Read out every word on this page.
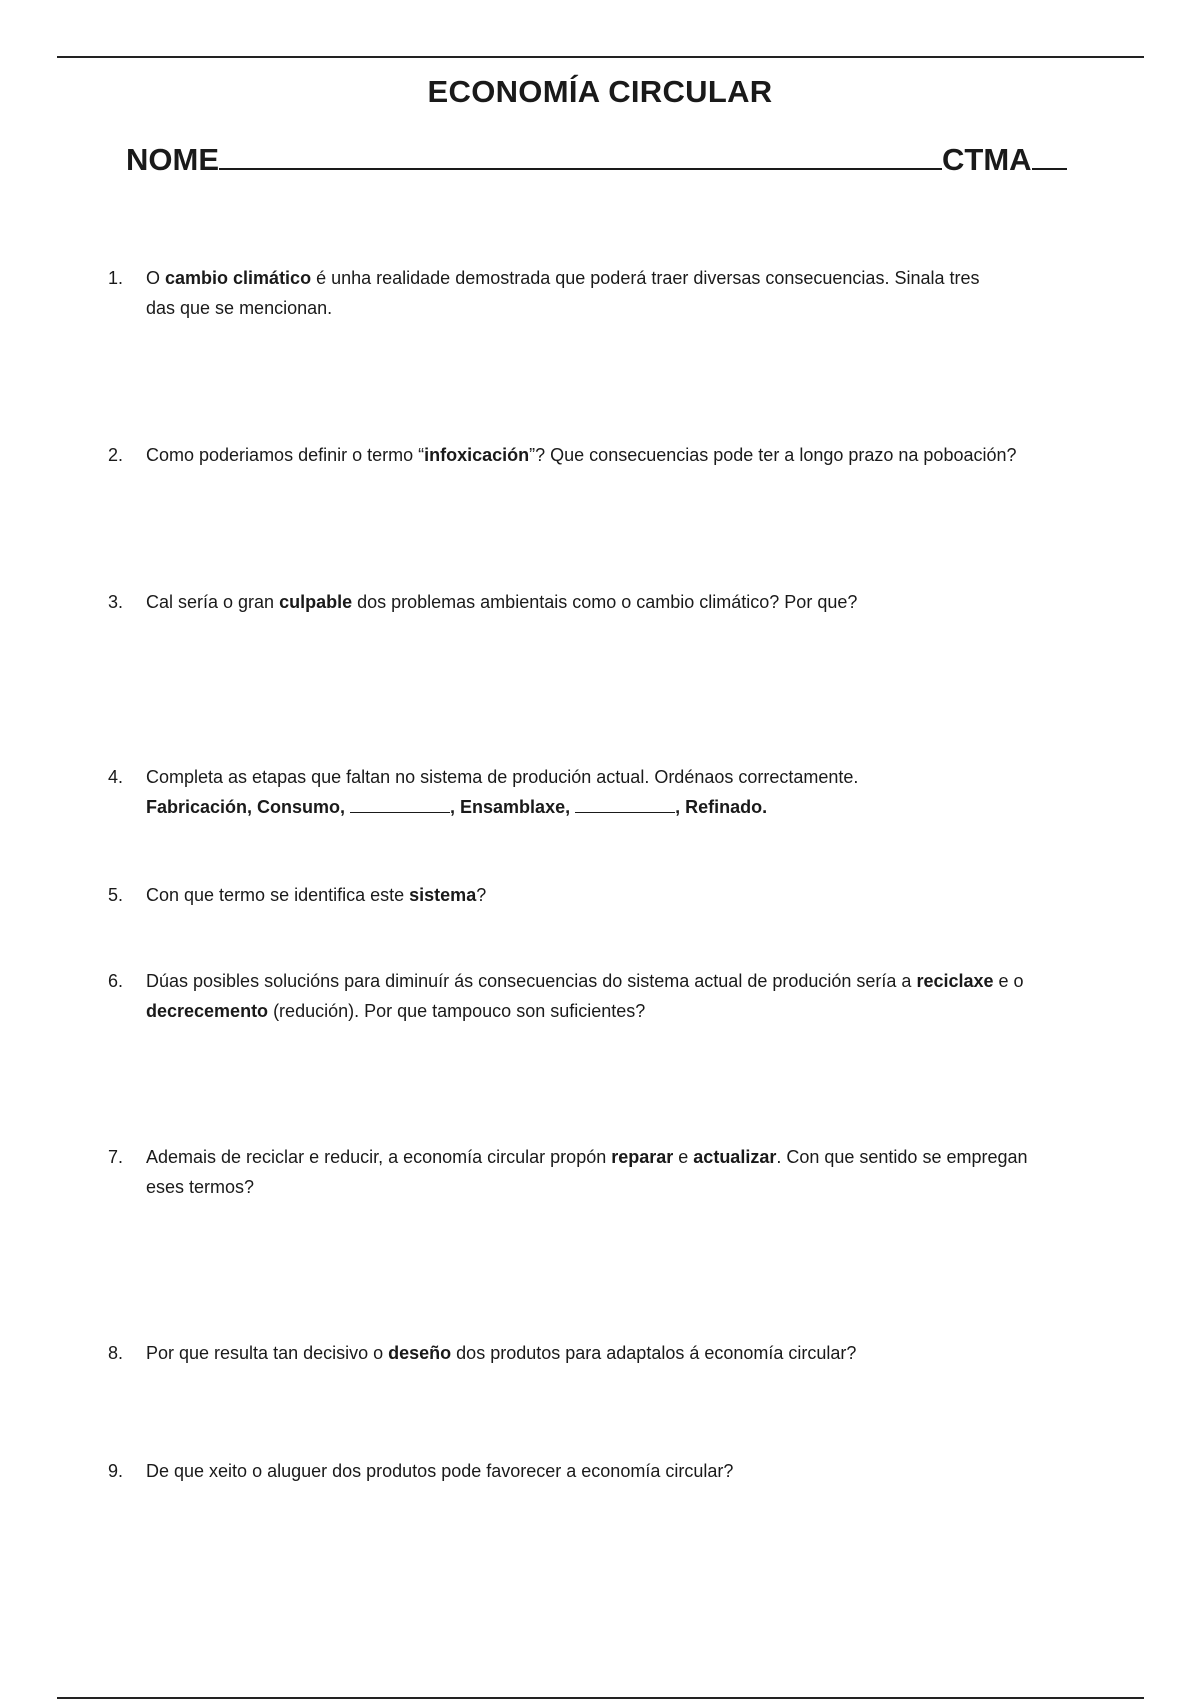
ECONOMÍA CIRCULAR
NOME	CTMA
1.	O cambio climático é unha realidade demostrada que poderá traer diversas consecuencias. Sinala tres das que se mencionan.
2.	Como poderiamos definir o termo “infoxicación”? Que consecuencias pode ter a longo prazo na poboación?
3.	Cal sería o gran culpable dos problemas ambientais como o cambio climático? Por que?
4.	Completa as etapas que faltan no sistema de produción actual. Ordénaos correctamente.
Fabricación, Consumo,	, Ensamblaxe,	, Refinado.
5.	Con que termo se identifica este sistema?
6.	Dúas posibles solucións para diminuír ás consecuencias do sistema actual de produción sería a reciclaxe e o decrecemento (redución). Por que tampouco son suficientes?
7.	Ademais de reciclar e reducir, a economía circular propón reparar e actualizar. Con que sentido se empregan eses termos?
8.	Por que resulta tan decisivo o deseño dos produtos para adaptalos á economía circular?
9.	De que xeito o aluguer dos produtos pode favorecer a economía circular?
